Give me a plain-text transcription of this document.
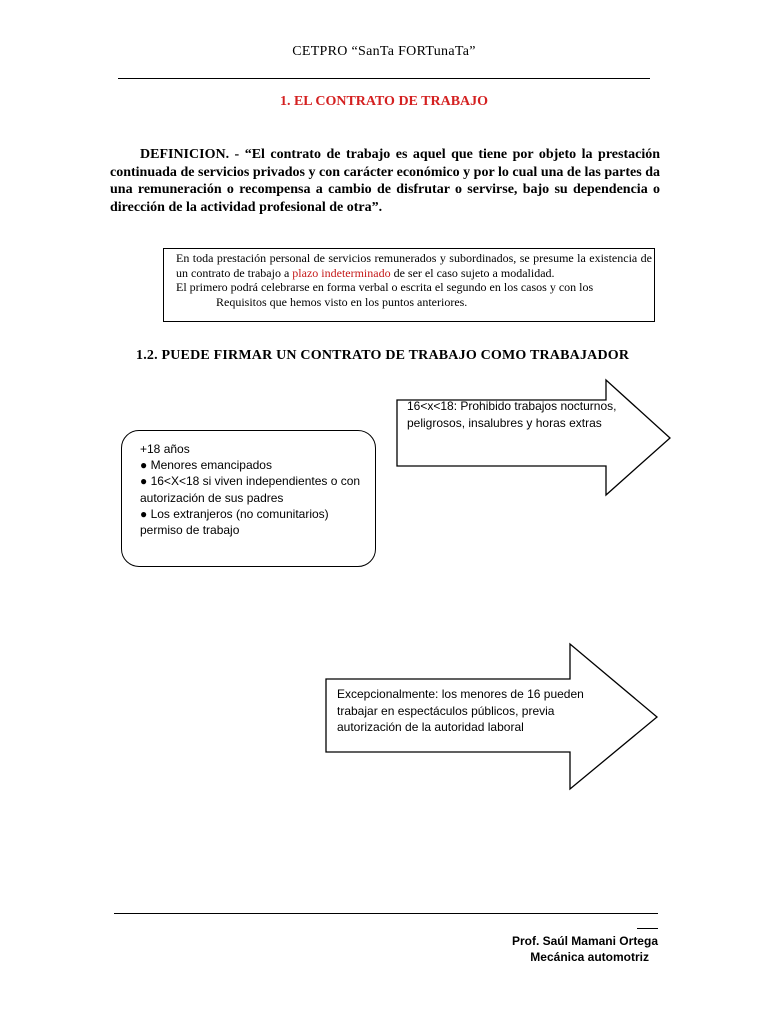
CETPRO “SanTa FORTunaTa”
1. EL CONTRATO DE TRABAJO
DEFINICION. - “El contrato de trabajo es aquel que tiene por objeto la prestación continuada de servicios privados y con carácter económico y por lo cual una de las partes da una remuneración o recompensa a cambio de disfrutar o servirse, bajo su dependencia o dirección de la actividad profesional de otra”.
En toda prestación personal de servicios remunerados y subordinados, se presume la existencia de un contrato de trabajo a plazo indeterminado de ser el caso sujeto a modalidad.
El primero podrá celebrarse en forma verbal o escrita el segundo en los casos y con los
Requisitos que hemos visto en los puntos anteriores.
1.2. PUEDE FIRMAR UN CONTRATO DE TRABAJO COMO TRABAJADOR
+18 años
● Menores emancipados
● 16<X<18 si viven independientes o con autorización de sus padres
● Los extranjeros (no comunitarios) permiso de trabajo
16<x<18: Prohibido trabajos nocturnos, peligrosos, insalubres y horas extras
Excepcionalmente: los menores de 16 pueden trabajar en espectáculos públicos, previa autorización de la autoridad laboral
Prof. Saúl Mamani Ortega
Mecánica automotriz
